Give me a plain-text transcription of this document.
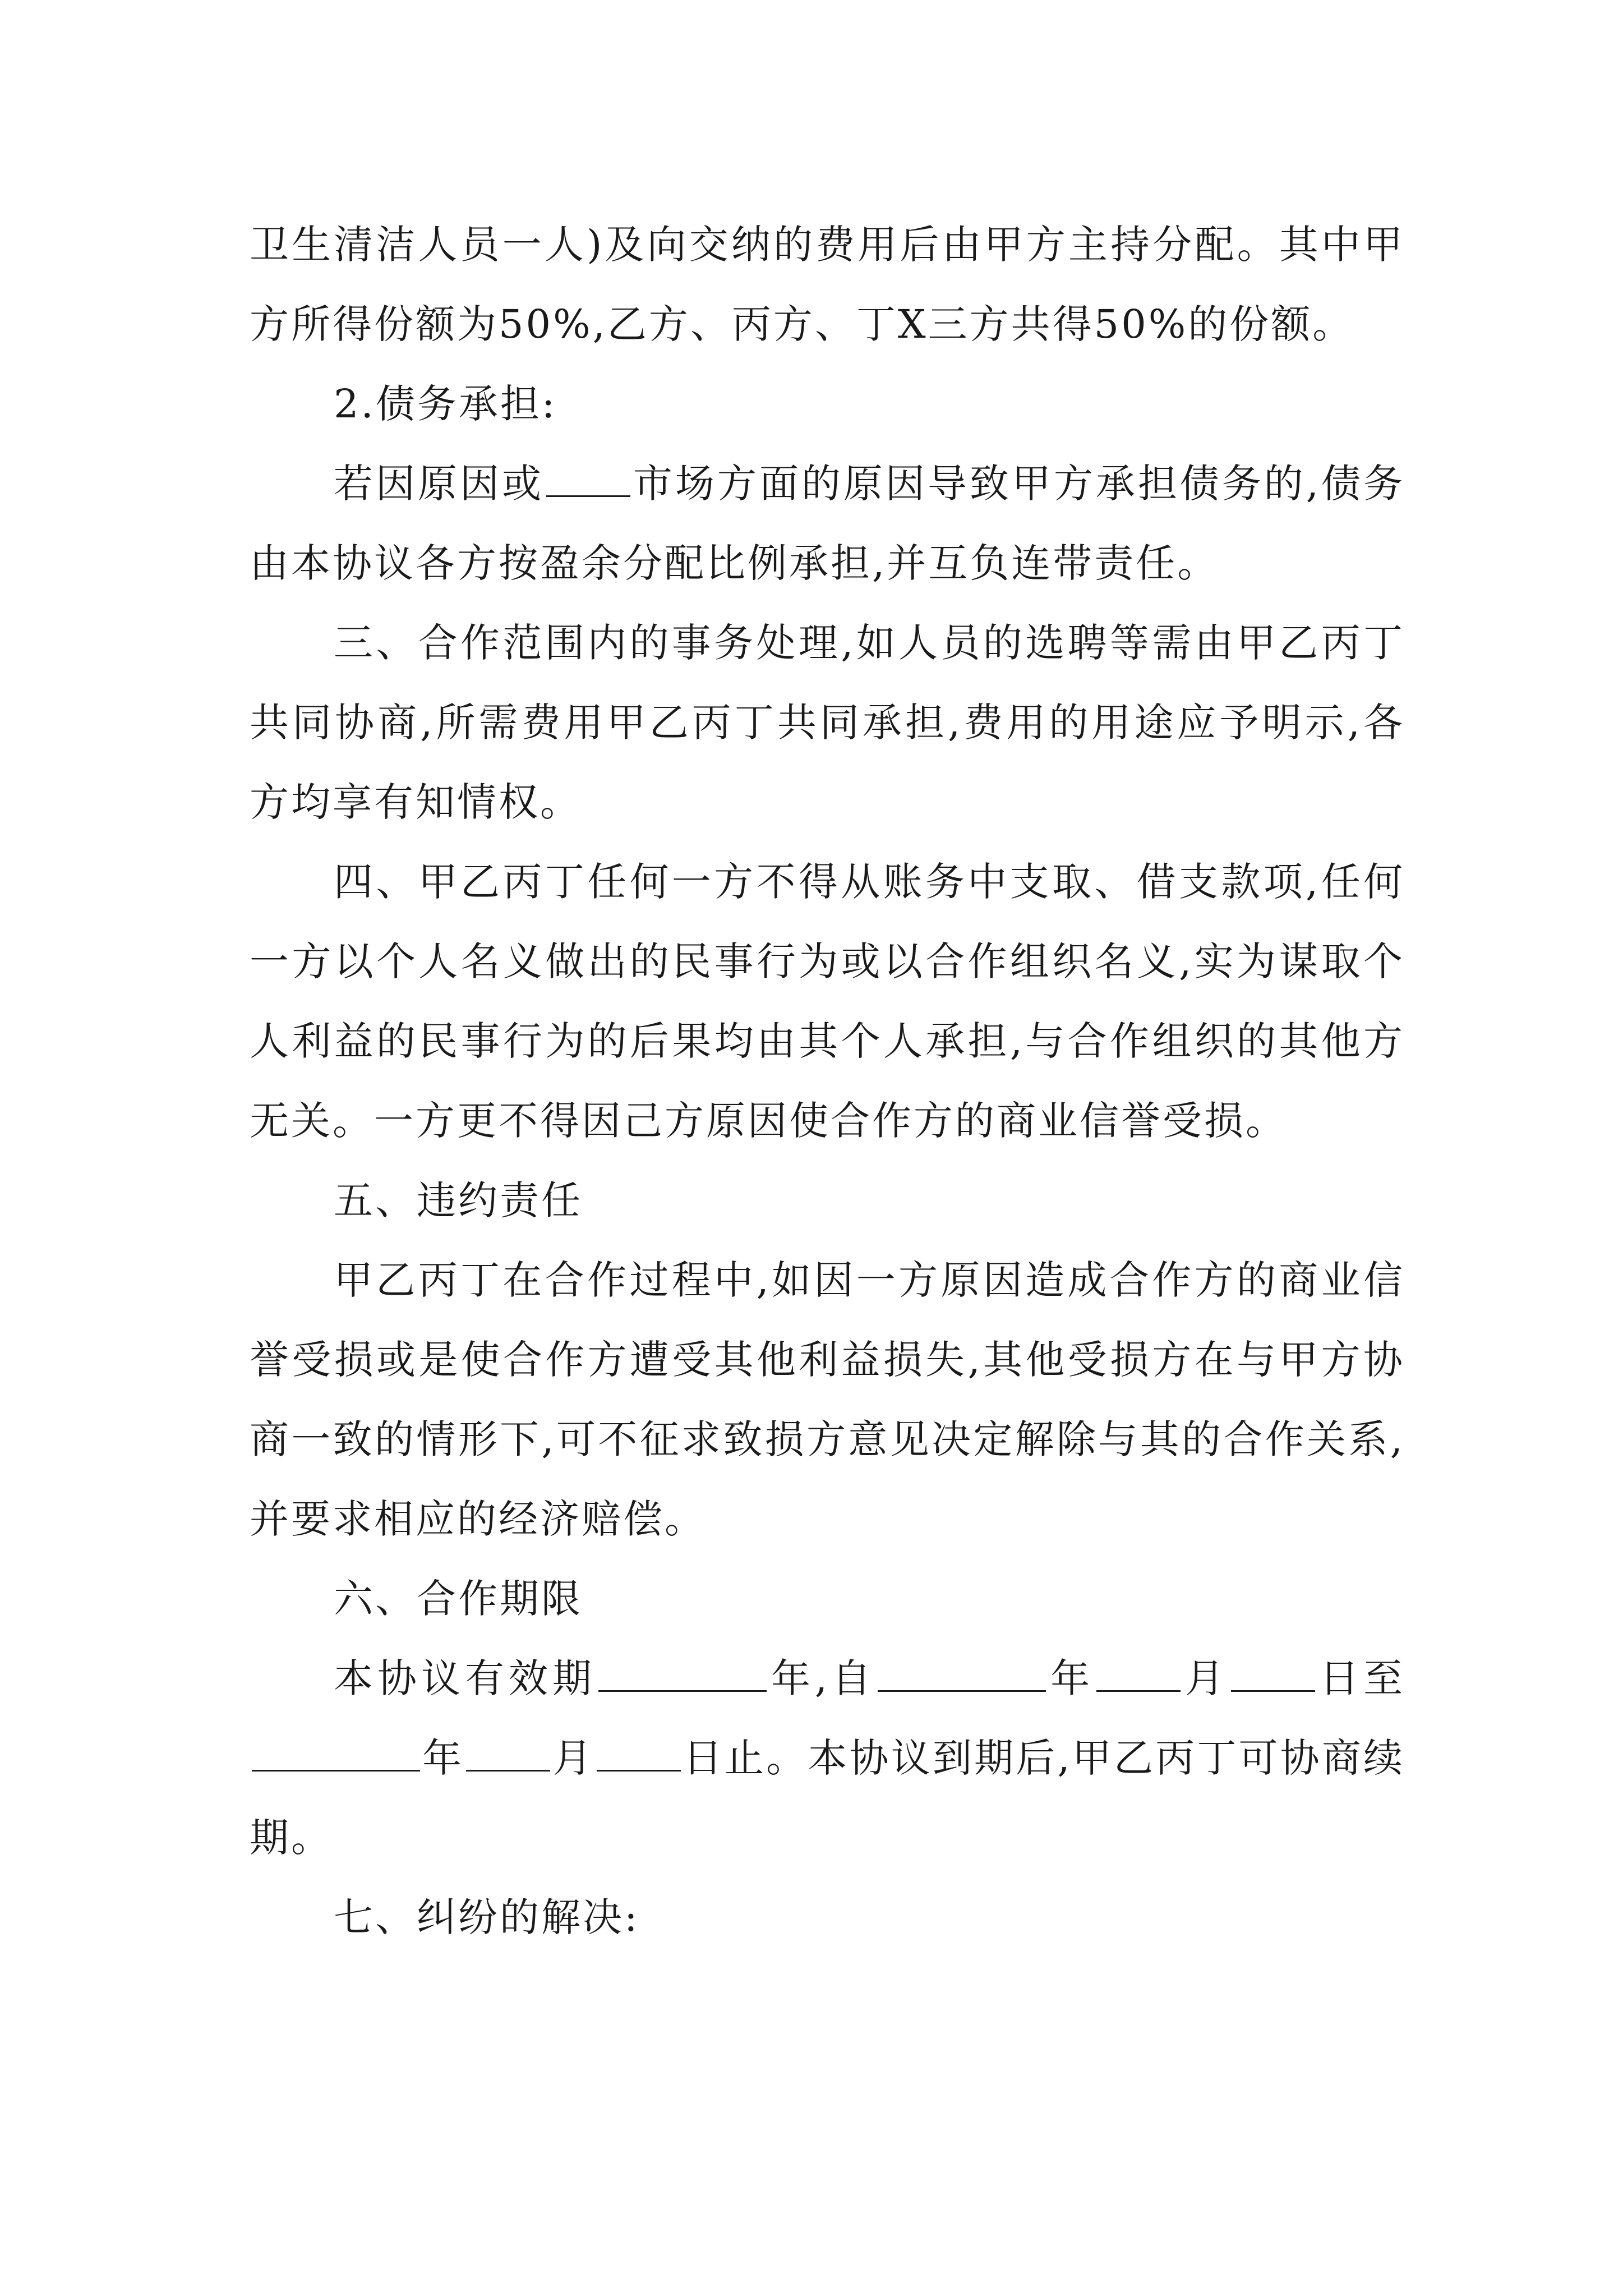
卫生清洁人员一人)及向交纳的费用后由甲方主持分配。其中甲方所得份额为50%,乙方、丙方、丁X三方共得50%的份额。

2.债务承担:

若因原因或 市场方面的原因导致甲方承担债务的,债务由本协议各方按盈余分配比例承担,并互负连带责任。

三、合作范围内的事务处理,如人员的选聘等需由甲乙丙丁共同协商,所需费用甲乙丙丁共同承担,费用的用途应予明示,各方均享有知情权。

四、甲乙丙丁任何一方不得从账务中支取、借支款项,任何一方以个人名义做出的民事行为或以合作组织名义,实为谋取个人利益的民事行为的后果均由其个人承担,与合作组织的其他方无关。一方更不得因己方原因使合作方的商业信誉受损。

五、违约责任

甲乙丙丁在合作过程中,如因一方原因造成合作方的商业信誉受损或是使合作方遭受其他利益损失,其他受损方在与甲方协商一致的情形下,可不征求致损方意见决定解除与其的合作关系,并要求相应的经济赔偿。

六、合作期限

本协议有效期	年,自	年 月 日至年 月 日止。本协议到期后,甲乙丙丁可协商续期。

七、纠纷的解决:
